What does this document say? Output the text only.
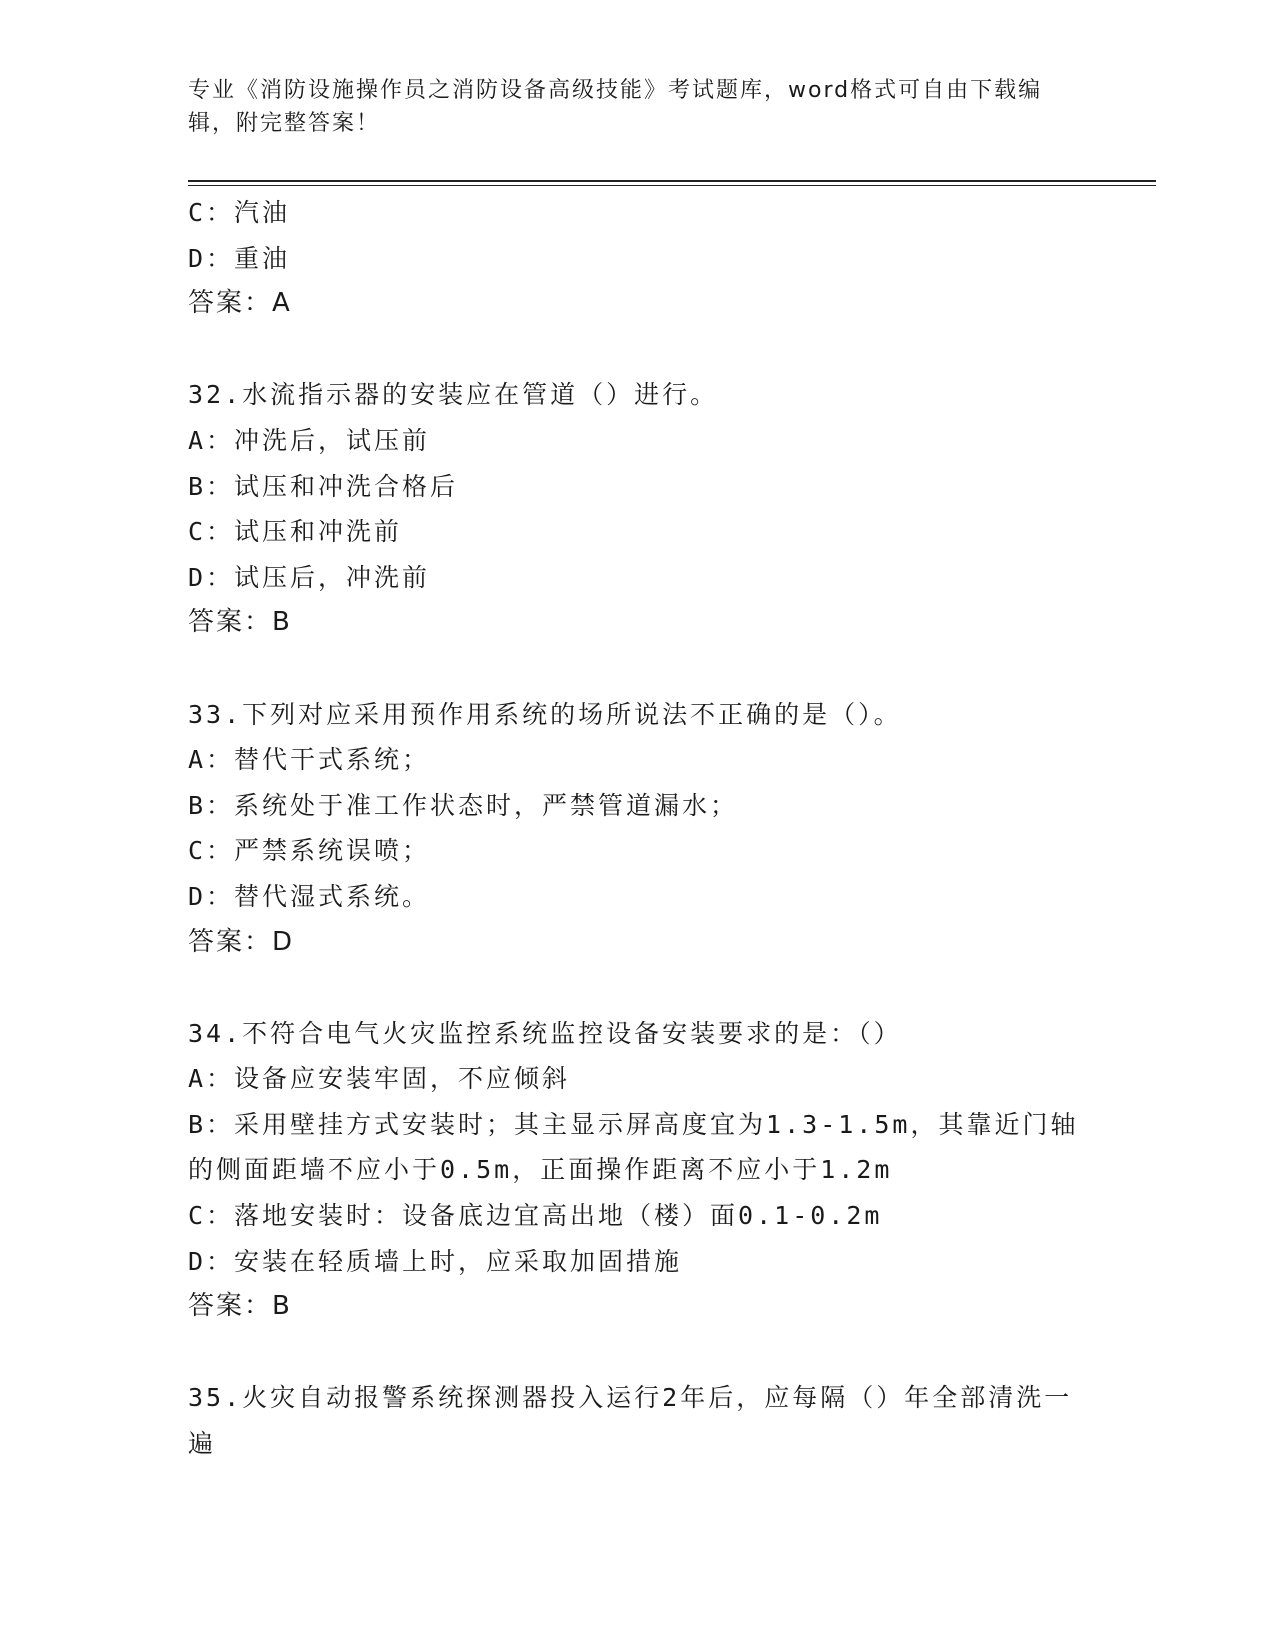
专业《消防设施操作员之消防设备高级技能》考试题库，word格式可自由下载编辑，附完整答案！
C：汽油
D：重油
答案：A
32.水流指示器的安装应在管道（）进行。
A：冲洗后，试压前
B：试压和冲洗合格后
C：试压和冲洗前
D：试压后，冲洗前
答案：B
33.下列对应采用预作用系统的场所说法不正确的是（）。
A：替代干式系统；
B：系统处于准工作状态时，严禁管道漏水；
C：严禁系统误喷；
D：替代湿式系统。
答案：D
34.不符合电气火灾监控系统监控设备安装要求的是：（）
A：设备应安装牢固，不应倾斜
B：采用壁挂方式安装时；其主显示屏高度宜为1.3-1.5m，其靠近门轴的侧面距墙不应小于0.5m，正面操作距离不应小于1.2m
C：落地安装时：设备底边宜高出地（楼）面0.1-0.2m
D：安装在轻质墙上时，应采取加固措施
答案：B
35.火灾自动报警系统探测器投入运行2年后，应每隔（）年全部清洗一遍
